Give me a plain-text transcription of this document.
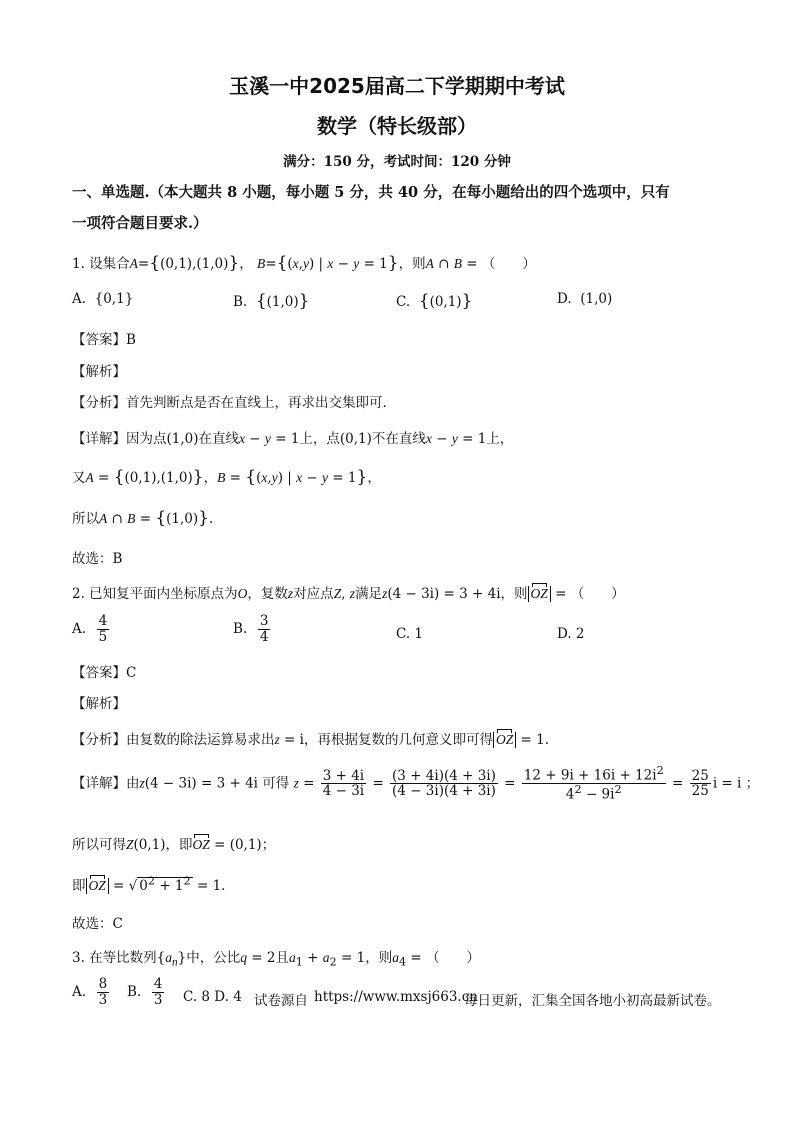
玉溪一中2025届高二下学期期中考试
数学（特长级部）
满分：150 分，考试时间：120 分钟
一、单选题.（本大题共 8 小题，每小题 5 分，共 40 分，在每小题给出的四个选项中，只有
一项符合题目要求.）
1. 设集合A={(0,1),(1,0)}， B={(x,y) | x − y = 1}，则A ∩ B = （　　）
A.  {0,1}	B. {(1,0)}	C. {(0,1)}	D.  (1,0)
【答案】B
【解析】
【分析】首先判断点是否在直线上，再求出交集即可.
【详解】因为点(1,0)在直线x − y = 1上，点(0,1)不在直线x − y = 1上，
又A = {(0,1),(1,0)}，B = {(x,y) | x − y = 1}，
所以A ∩ B = {(1,0)}.
故选：B
2. 已知复平面内坐标原点为O，复数z对应点Z, z满足z(4 − 3i) = 3 + 4i，则 OZ = （　　）
A. $\frac{4}{5}$	B. $\frac{3}{4}$	C. 1	D. 2
【答案】C
【解析】
【分析】由复数的除法运算易求出z = i，再根据复数的几何意义即可得 OZ = 1.
【详解】由z(4 − 3i) = 3 + 4i 可得 $z = \frac{3 + 4i}{4 - 3i} = \frac{(3 + 4i)(4 + 3i)}{(4 - 3i)(4 + 3i)} = \frac{12 + 9i + 16i + 12i^2}{4^2 - 9i^2} = \frac{25}{25}$ i = i ；
所以可得Z(0,1)，即OZ = (0,1)；
即 OZ = √ $0^2 + 1^2 = 1$.
故选：C
3. 在等比数列$\{a_n\}$中，公比q = 2且$a_1 + a_2 = 1$，则$a_4$ = （　　）
A. $\frac{8}{3} B$. $\frac{4}{3} C$. 8 D. 4 试卷源自 https://www.mxsj663.cn
每日更新，汇集全国各地小初高最新试卷。
